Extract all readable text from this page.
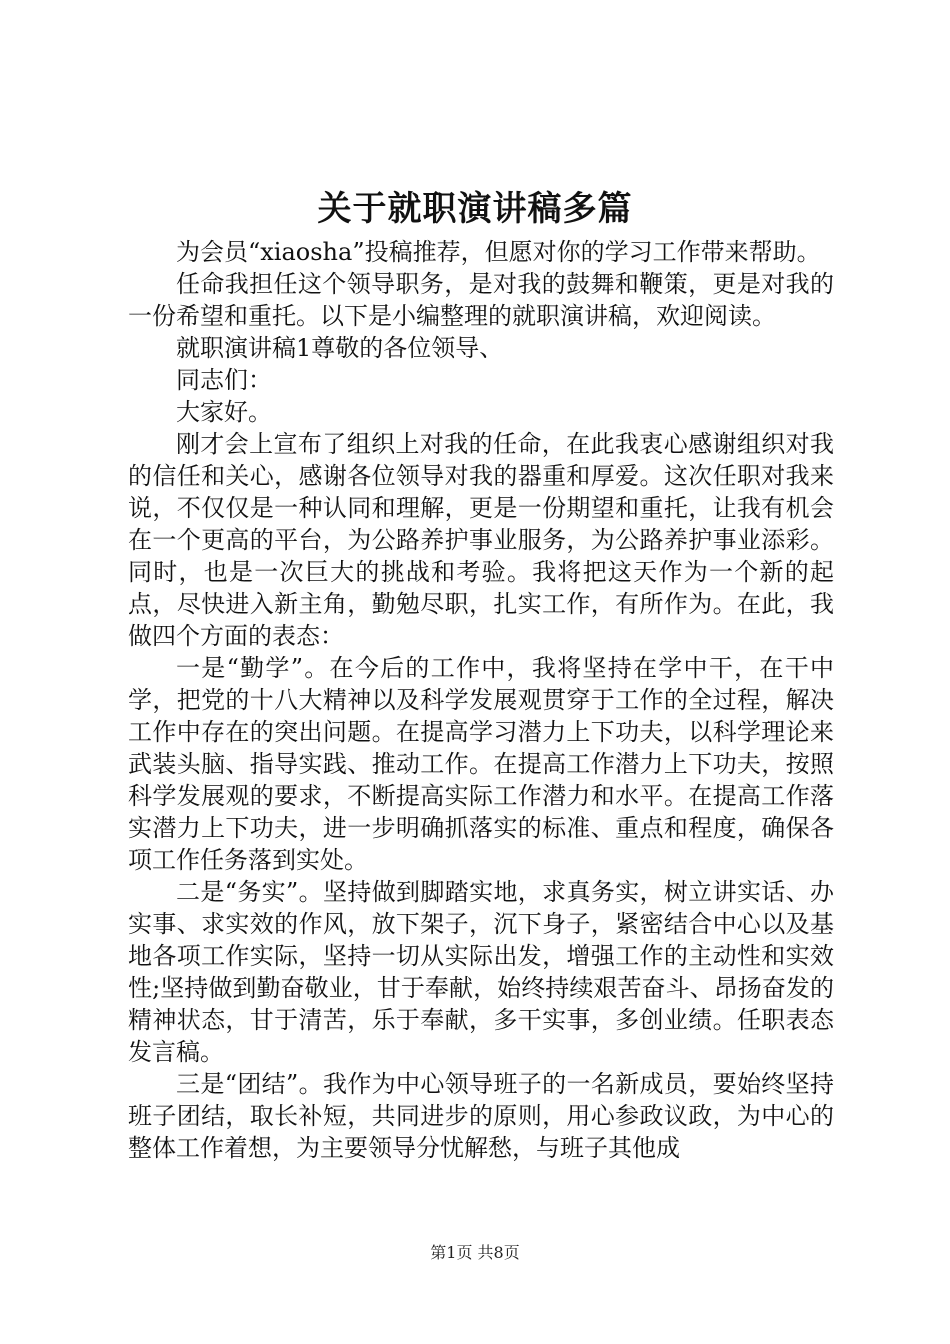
关于就职演讲稿多篇

为会员“xiaosha”投稿推荐，但愿对你的学习工作带来帮助。

任命我担任这个领导职务，是对我的鼓舞和鞭策，更是对我的一份希望和重托。以下是小编整理的就职演讲稿，欢迎阅读。

就职演讲稿1尊敬的各位领导、

同志们：

大家好。

刚才会上宣布了组织上对我的任命，在此我衷心感谢组织对我的信任和关心，感谢各位领导对我的器重和厚爱。这次任职对我来说，不仅仅是一种认同和理解，更是一份期望和重托，让我有机会在一个更高的平台，为公路养护事业服务，为公路养护事业添彩。同时，也是一次巨大的挑战和考验。我将把这天作为一个新的起点，尽快进入新主角，勤勉尽职，扎实工作，有所作为。在此，我做四个方面的表态：

一是“勤学”。在今后的工作中，我将坚持在学中干，在干中学，把党的十八大精神以及科学发展观贯穿于工作的全过程，解决工作中存在的突出问题。在提高学习潜力上下功夫，以科学理论来武装头脑、指导实践、推动工作。在提高工作潜力上下功夫，按照科学发展观的要求，不断提高实际工作潜力和水平。在提高工作落实潜力上下功夫，进一步明确抓落实的标准、重点和程度，确保各项工作任务落到实处。

二是“务实”。坚持做到脚踏实地，求真务实，树立讲实话、办实事、求实效的作风，放下架子，沉下身子，紧密结合中心以及基地各项工作实际，坚持一切从实际出发，增强工作的主动性和实效性;坚持做到勤奋敬业，甘于奉献，始终持续艰苦奋斗、昂扬奋发的精神状态，甘于清苦，乐于奉献，多干实事，多创业绩。任职表态发言稿。

三是“团结”。我作为中心领导班子的一名新成员，要始终坚持班子团结，取长补短，共同进步的原则，用心参政议政，为中心的整体工作着想，为主要领导分忧解愁，与班子其他成

第1页 共8页
